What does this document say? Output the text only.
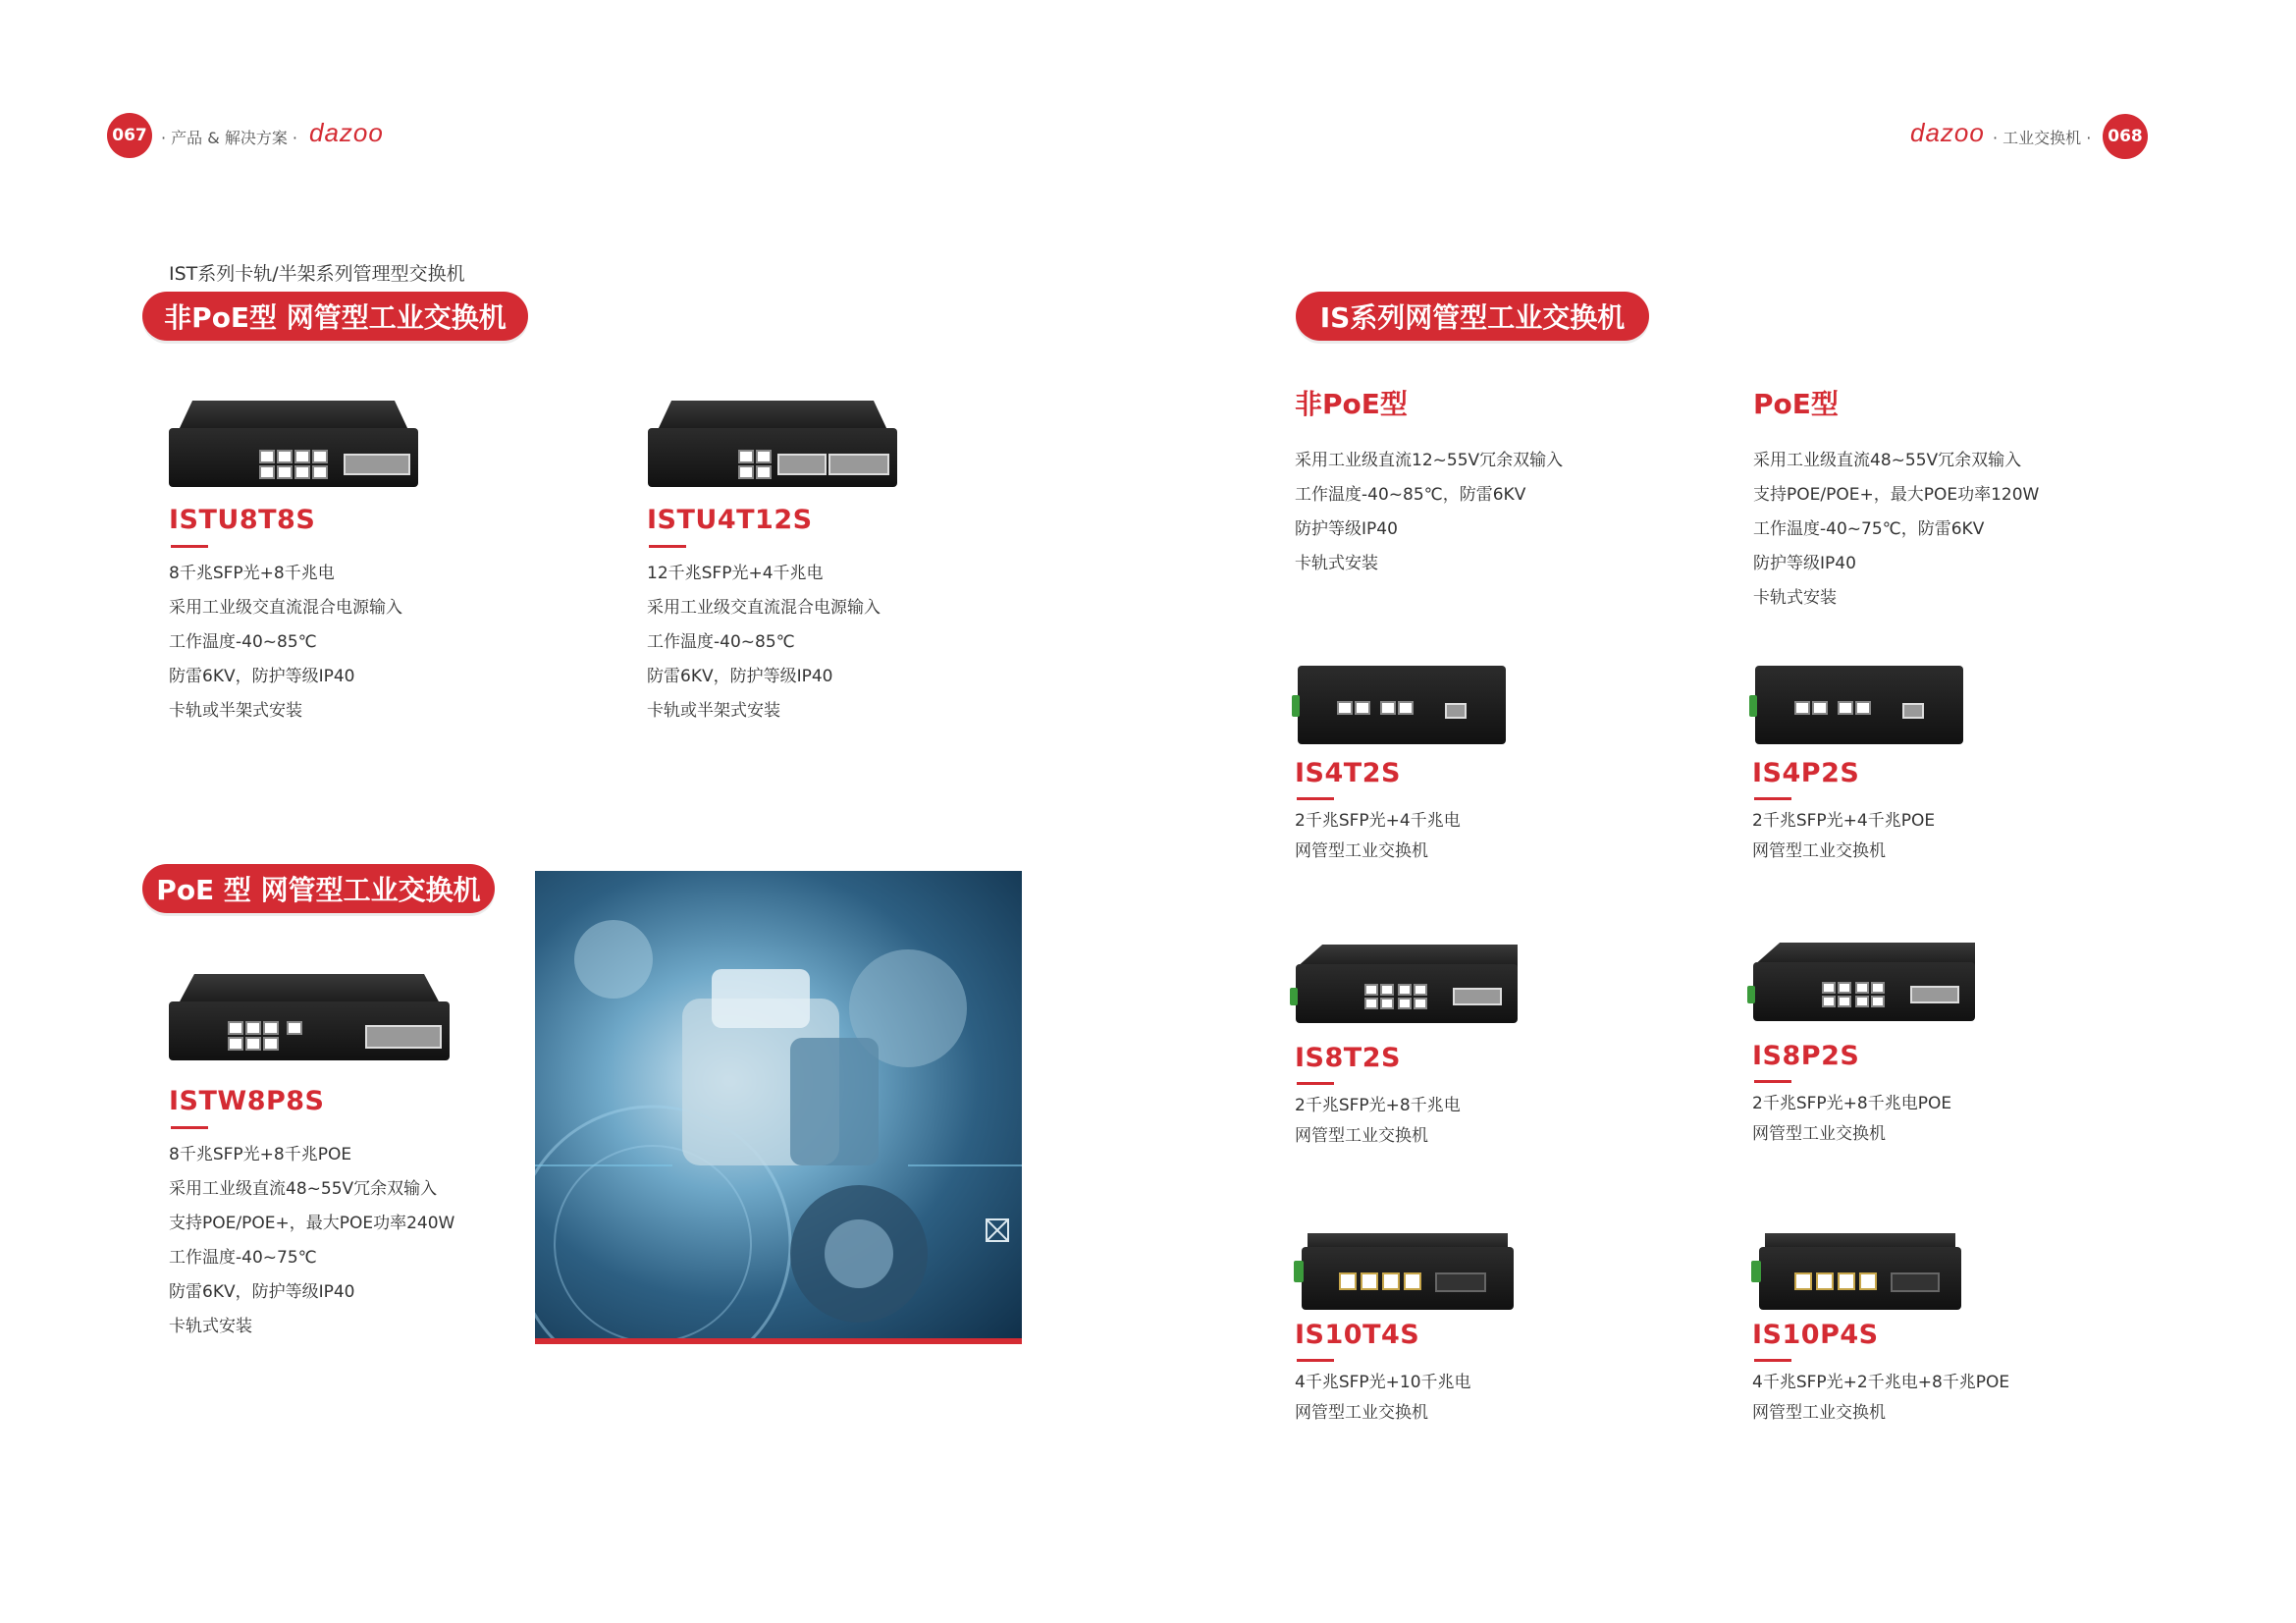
067 · 产品 & 解决方案 · dazoo	dazoo · 工业交换机 · 068
IST系列卡轨/半架系列管理型交换机
非PoE型 网管型工业交换机
ISTU8T8S
8千兆SFP光+8千兆电
采用工业级交直流混合电源输入
工作温度-40~85℃
防雷6KV，防护等级IP40
卡轨或半架式安装
ISTU4T12S
12千兆SFP光+4千兆电
采用工业级交直流混合电源输入
工作温度-40~85℃
防雷6KV，防护等级IP40
卡轨或半架式安装
PoE 型 网管型工业交换机
ISTW8P8S
8千兆SFP光+8千兆POE
采用工业级直流48~55V冗余双输入
支持POE/POE+，最大POE功率240W
工作温度-40~75℃
防雷6KV，防护等级IP40
卡轨式安装
IS系列网管型工业交换机
非PoE型
采用工业级直流12~55V冗余双输入
工作温度-40~85℃，防雷6KV
防护等级IP40
卡轨式安装
PoE型
采用工业级直流48~55V冗余双输入
支持POE/POE+，最大POE功率120W
工作温度-40~75℃，防雷6KV
防护等级IP40
卡轨式安装
IS4T2S
2千兆SFP光+4千兆电
网管型工业交换机
IS4P2S
2千兆SFP光+4千兆POE
网管型工业交换机
IS8T2S
2千兆SFP光+8千兆电
网管型工业交换机
IS8P2S
2千兆SFP光+8千兆电POE
网管型工业交换机
IS10T4S
4千兆SFP光+10千兆电
网管型工业交换机
IS10P4S
4千兆SFP光+2千兆电+8千兆POE
网管型工业交换机
